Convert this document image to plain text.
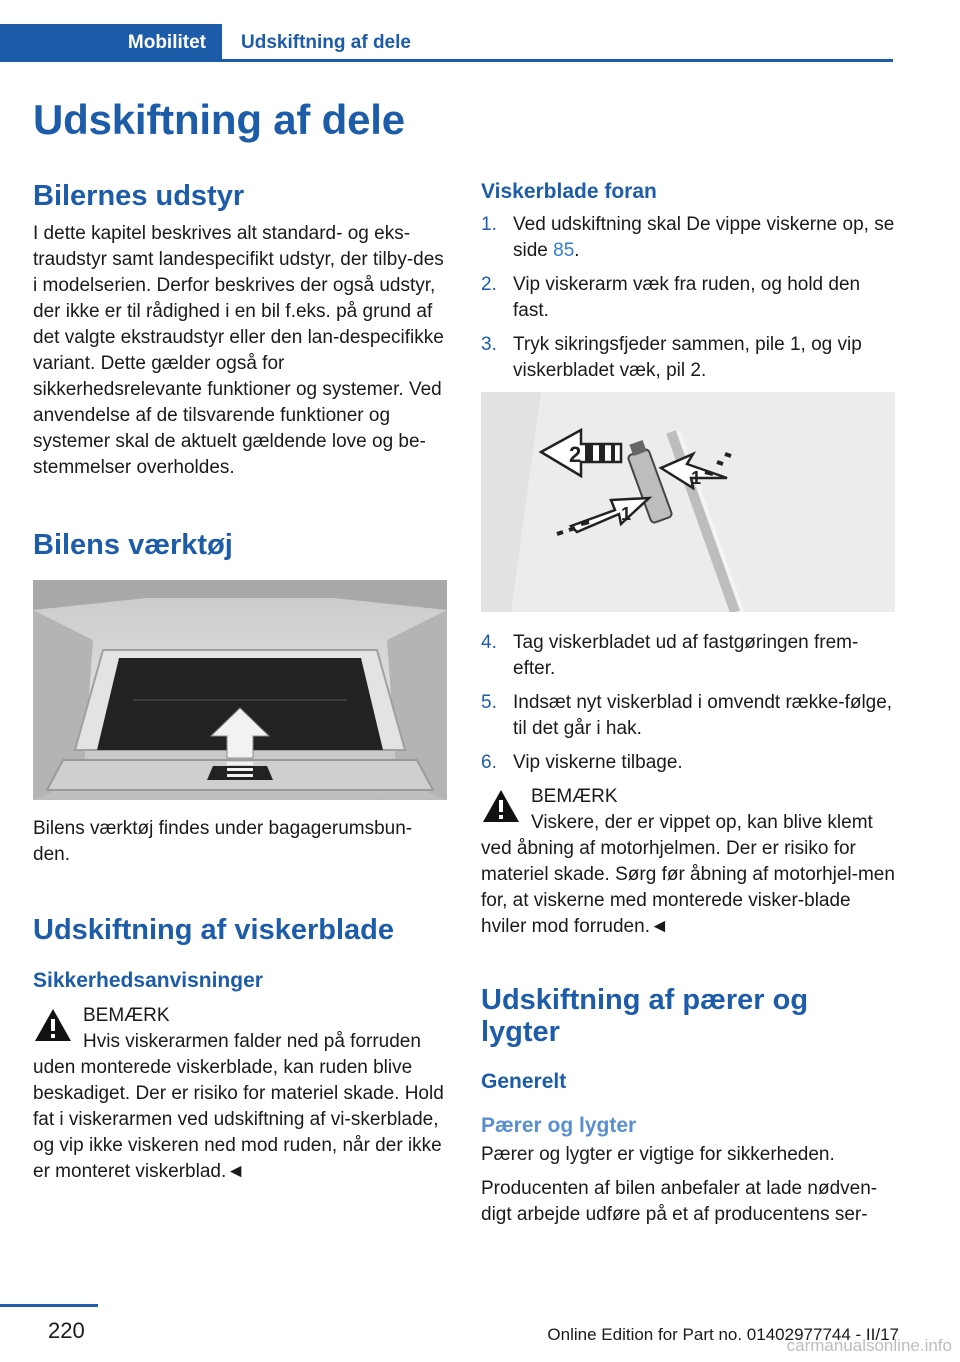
Mobilitet	Udskiftning af dele
Udskiftning af dele
Bilernes udstyr

I dette kapitel beskrives alt standard- og eks-traudstyr samt landespecifikt udstyr, der tilby-des i modelserien. Derfor beskrives der også udstyr, der ikke er til rådighed i en bil f.eks. på grund af det valgte ekstraudstyr eller den lan-despecifikke variant. Dette gælder også for sikkerhedsrelevante funktioner og systemer. Ved anvendelse af de tilsvarende funktioner og systemer skal de aktuelt gældende love og be-stemmelser overholdes.

Bilens værktøj

Bilens værktøj findes under bagagerumsbun-den.

Udskiftning af viskerblade
Sikkerhedsanvisninger
BEMÆRK

Hvis viskerarmen falder ned på forruden uden monterede viskerblade, kan ruden blive beskadiget. Der er risiko for materiel skade. Hold fat i viskerarmen ved udskiftning af vi-skerblade, og vip ikke viskeren ned mod ruden, når der ikke er monteret viskerblad.◄

Viskerblade foran
1. Ved udskiftning skal De vippe viskerne op, se side 85.
2. Vip viskerarm væk fra ruden, og hold den fast.
3. Tryk sikringsfjeder sammen, pile 1, og vip viskerbladet væk, pil 2.
2
1
1
4. Tag viskerbladet ud af fastgøringen frem-efter.
5. Indsæt nyt viskerblad i omvendt række-følge, til det går i hak.
6. Vip viskerne tilbage.
BEMÆRK

Viskere, der er vippet op, kan blive klemt ved åbning af motorhjelmen. Der er risiko for materiel skade. Sørg før åbning af motorhjel-men for, at viskerne med monterede visker-blade hviler mod forruden.◄

Udskiftning af pærer og lygter
Generelt
Pærer og lygter

Pærer og lygter er vigtige for sikkerheden.

Producenten af bilen anbefaler at lade nødven-digt arbejde udføre på et af producentens ser-

220	Online Edition for Part no. 01402977744 - II/17
carmanualsonline.info
